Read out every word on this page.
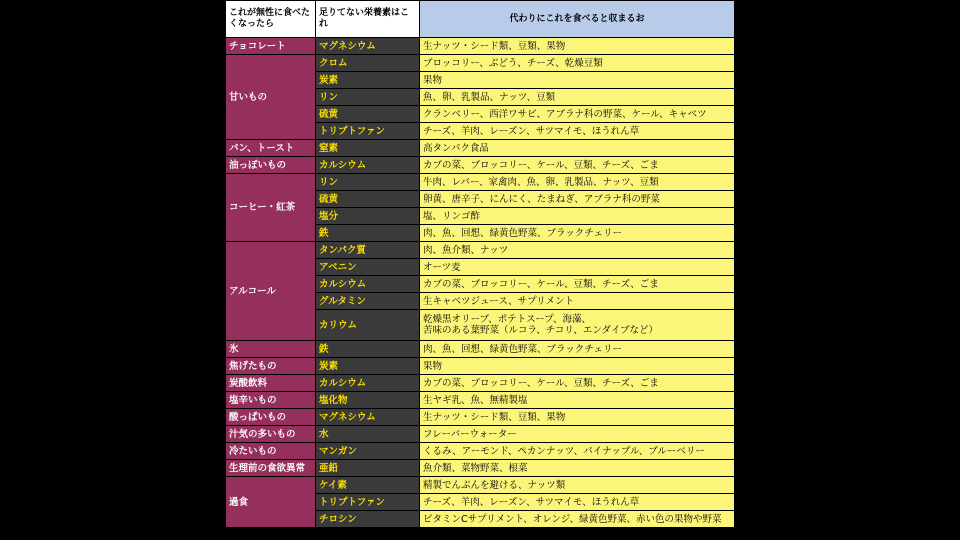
これが無性に食べたくなったら	足りてない栄養素はこれ	代わりにこれを食べると収まるお
チョコレート	マグネシウム	生ナッツ・シード類、豆類、果物

甘いもの	クロム	ブロッコリー、ぶどう、チーズ、乾燥豆類

	炭素	果物

	リン	魚、卵、乳製品、ナッツ、豆類

	硫黄	クランベリー、西洋ワサビ、アブラナ科の野菜、ケール、キャベツ

	トリプトファン	チーズ、羊肉、レーズン、サツマイモ、ほうれん草

パン、トースト	窒素	高タンパク食品

油っぽいもの	カルシウム	カブの菜、ブロッコリー、ケール、豆類、チーズ、ごま

コーヒー・紅茶	リン	牛肉、レバー、家禽肉、魚、卵、乳製品、ナッツ、豆類

	硫黄	卵黄、唐辛子、にんにく、たまねぎ、アブラナ科の野菜

	塩分	塩、リンゴ酢

	鉄	肉、魚、回想、緑黄色野菜、ブラックチェリー

アルコール	タンパク質	肉、魚介類、ナッツ

	アベニン	オーツ麦

	カルシウム	カブの菜、ブロッコリー、ケール、豆類、チーズ、ごま

	グルタミン	生キャベツジュース、サプリメント

	カリウム	乾燥黒オリーブ、ポテトスープ、海藻、
苦味のある葉野菜（ルコラ、チコリ、エンダイブなど）

氷	鉄	肉、魚、回想、緑黄色野菜、ブラックチェリー

焦げたもの	炭素	果物

炭酸飲料	カルシウム	カブの菜、ブロッコリー、ケール、豆類、チーズ、ごま

塩辛いもの	塩化物	生ヤギ乳、魚、無精製塩

酸っぱいもの	マグネシウム	生ナッツ・シード類、豆類、果物

汁気の多いもの	水	フレーバーウォーター

冷たいもの	マンガン	くるみ、アーモンド、ペカンナッツ、パイナップル、ブルーベリー

生理前の食欲異常	亜鉛	魚介類、菜物野菜、根菜

過食	ケイ素	精製でんぷんを避ける、ナッツ類

	トリプトファン	チーズ、羊肉、レーズン、サツマイモ、ほうれん草

	チロシン	ビタミンCサプリメント、オレンジ、緑黄色野菜、赤い色の果物や野菜
